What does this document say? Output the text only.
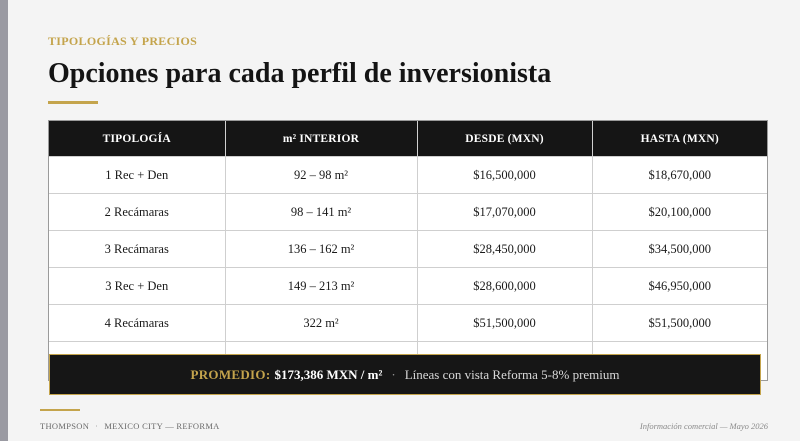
TIPOLOGÍAS Y PRECIOS
Opciones para cada perfil de inversionista
TIPOLOGÍA	m² INTERIOR	DESDE (MXN)	HASTA (MXN)
1 Rec + Den	92 – 98 m²	$16,500,000	$18,670,000
2 Recámaras	98 – 141 m²	$17,070,000	$20,100,000
3 Recámaras	136 – 162 m²	$28,450,000	$34,500,000
3 Rec + Den	149 – 213 m²	$28,600,000	$46,950,000
4 Recámaras	322 m²	$51,500,000	$51,500,000

PROMEDIO: $173,386 MXN / m² · Líneas con vista Reforma 5-8% premium
THOMPSON · MEXICO CITY — REFORMA	Información comercial — Mayo 2026
